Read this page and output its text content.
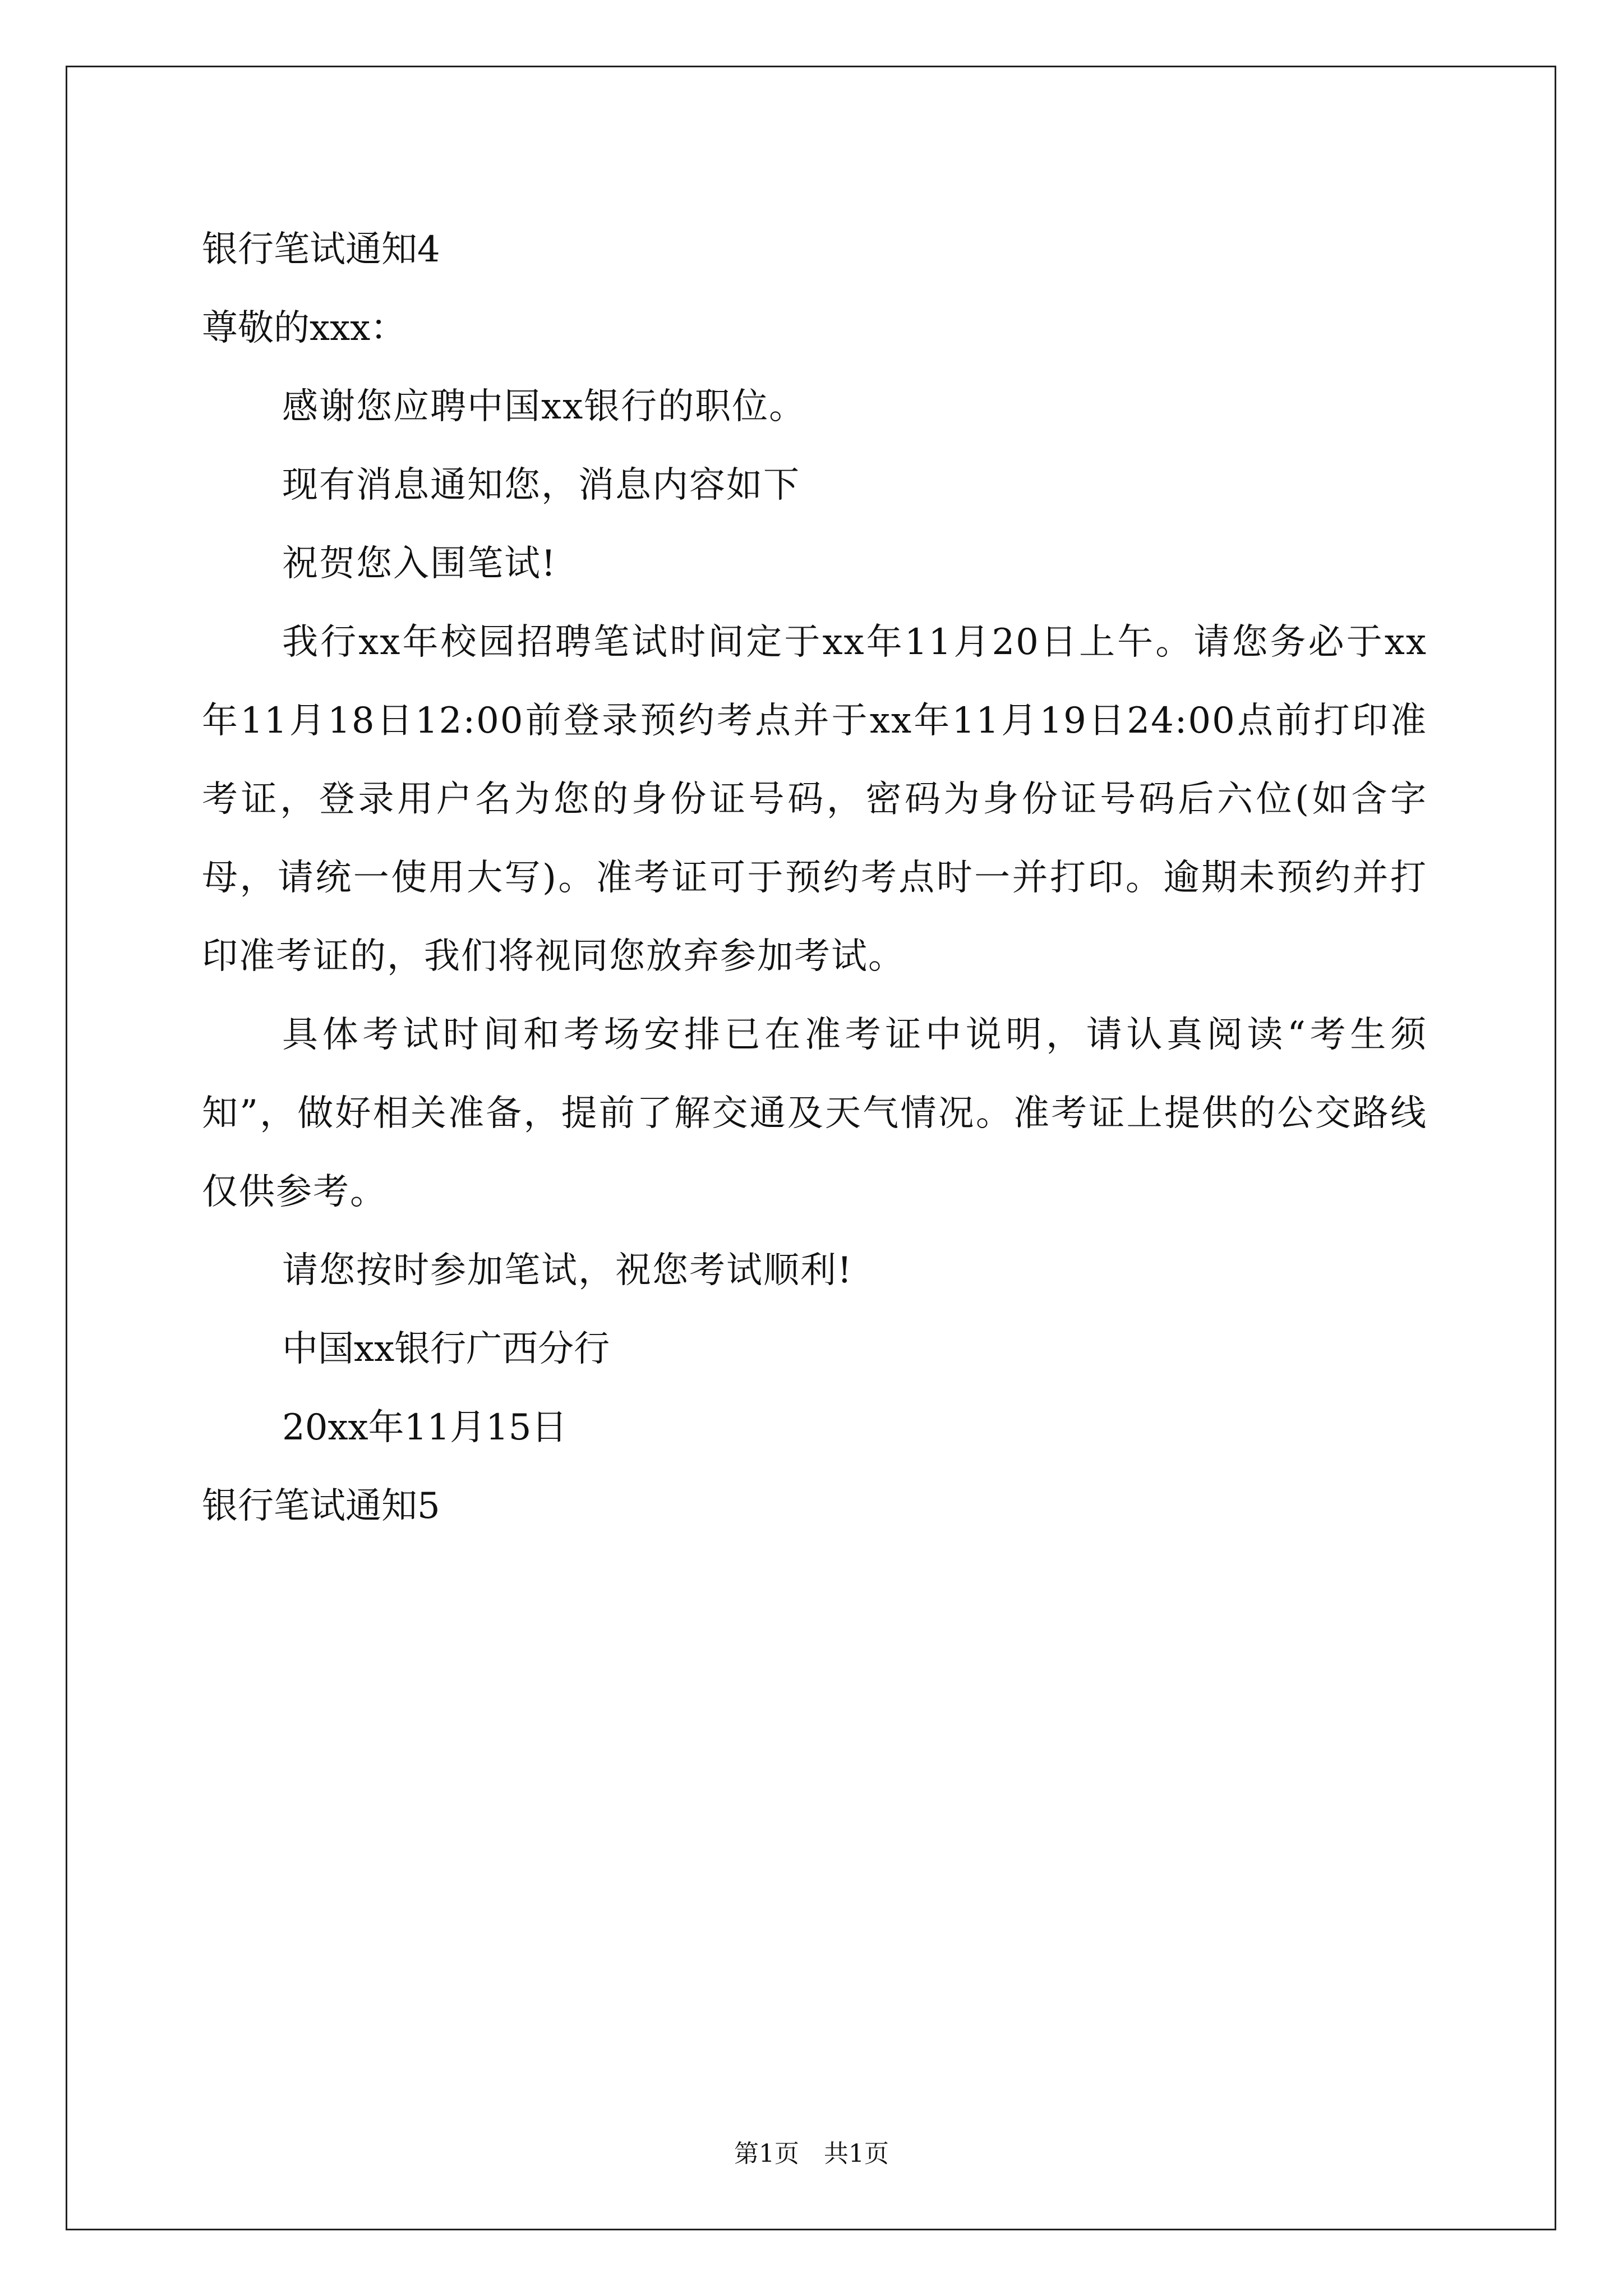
银行笔试通知4

尊敬的xxx：

感谢您应聘中国xx银行的职位。

现有消息通知您，消息内容如下

祝贺您入围笔试!

我行xx年校园招聘笔试时间定于xx年11月20日上午。请您务必于xx年11月18日12:00前登录预约考点并于xx年11月19日24:00点前打印准考证，登录用户名为您的身份证号码，密码为身份证号码后六位(如含字母，请统一使用大写)。准考证可于预约考点时一并打印。逾期未预约并打印准考证的，我们将视同您放弃参加考试。

具体考试时间和考场安排已在准考证中说明，请认真阅读“考生须知”，做好相关准备，提前了解交通及天气情况。准考证上提供的公交路线仅供参考。

请您按时参加笔试，祝您考试顺利!

中国xx银行广西分行

20xx年11月15日

银行笔试通知5

第1页　共1页
